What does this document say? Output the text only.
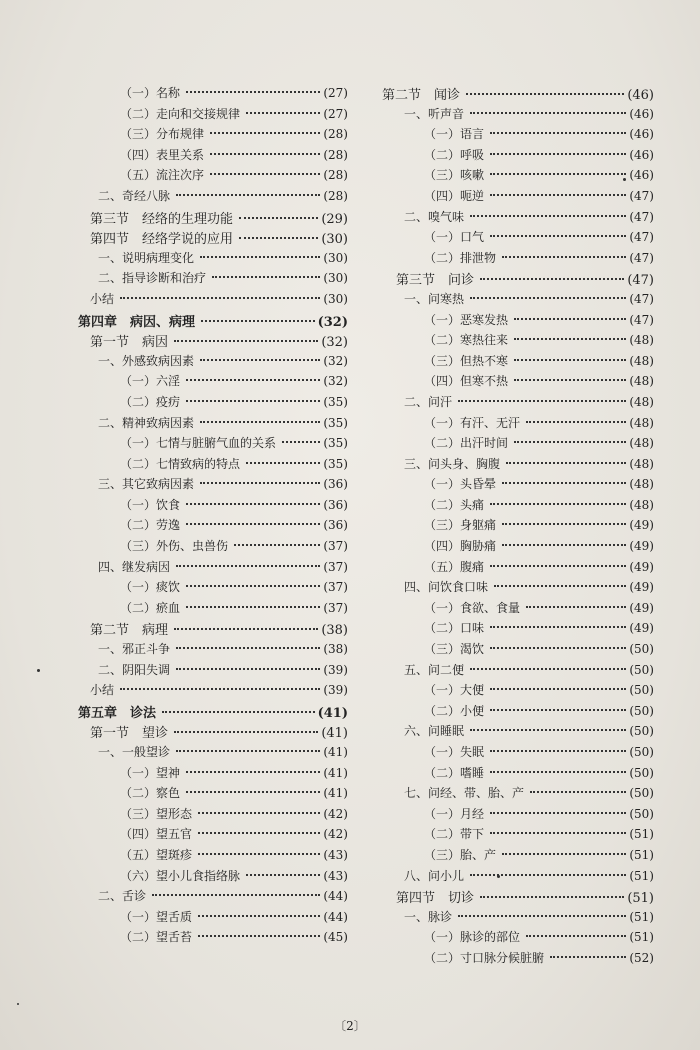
（一）名称	(27)
（二）走向和交接规律	(27)
（三）分布规律	(28)
（四）表里关系	(28)
（五）流注次序	(28)
二、奇经八脉	(28)
第三节　经络的生理功能	(29)
第四节　经络学说的应用	(30)
一、说明病理变化	(30)
二、指导诊断和治疗	(30)
小结	(30)
第四章　病因、病理	(32)
第一节　病因	(32)
一、外感致病因素	(32)
（一）六淫	(32)
（二）疫疠	(35)
二、精神致病因素	(35)
（一）七情与脏腑气血的关系	(35)
（二）七情致病的特点	(35)
三、其它致病因素	(36)
（一）饮食	(36)
（二）劳逸	(36)
（三）外伤、虫兽伤	(37)
四、继发病因	(37)
（一）痰饮	(37)
（二）瘀血	(37)
第二节　病理	(38)
一、邪正斗争	(38)
二、阴阳失调	(39)
小结	(39)
第五章　诊法	(41)
第一节　望诊	(41)
一、一般望诊	(41)
（一）望神	(41)
（二）察色	(41)
（三）望形态	(42)
（四）望五官	(42)
（五）望斑疹	(43)
（六）望小儿食指络脉	(43)
二、舌诊	(44)
（一）望舌质	(44)
（二）望舌苔	(45)
第二节　闻诊	(46)
一、听声音	(46)
（一）语言	(46)
（二）呼吸	(46)
（三）咳嗽	(46)
（四）呃逆	(47)
二、嗅气味	(47)
（一）口气	(47)
（二）排泄物	(47)
第三节　问诊	(47)
一、问寒热	(47)
（一）恶寒发热	(47)
（二）寒热往来	(48)
（三）但热不寒	(48)
（四）但寒不热	(48)
二、问汗	(48)
（一）有汗、无汗	(48)
（二）出汗时间	(48)
三、问头身、胸腹	(48)
（一）头昏晕	(48)
（二）头痛	(48)
（三）身躯痛	(49)
（四）胸胁痛	(49)
（五）腹痛	(49)
四、问饮食口味	(49)
（一）食欲、食量	(49)
（二）口味	(49)
（三）渴饮	(50)
五、问二便	(50)
（一）大便	(50)
（二）小便	(50)
六、问睡眠	(50)
（一）失眠	(50)
（二）嗜睡	(50)
七、问经、带、胎、产	(50)
（一）月经	(50)
（二）带下	(51)
（三）胎、产	(51)
八、问小儿	(51)
第四节　切诊	(51)
一、脉诊	(51)
（一）脉诊的部位	(51)
（二）寸口脉分候脏腑	(52)
〔2〕
